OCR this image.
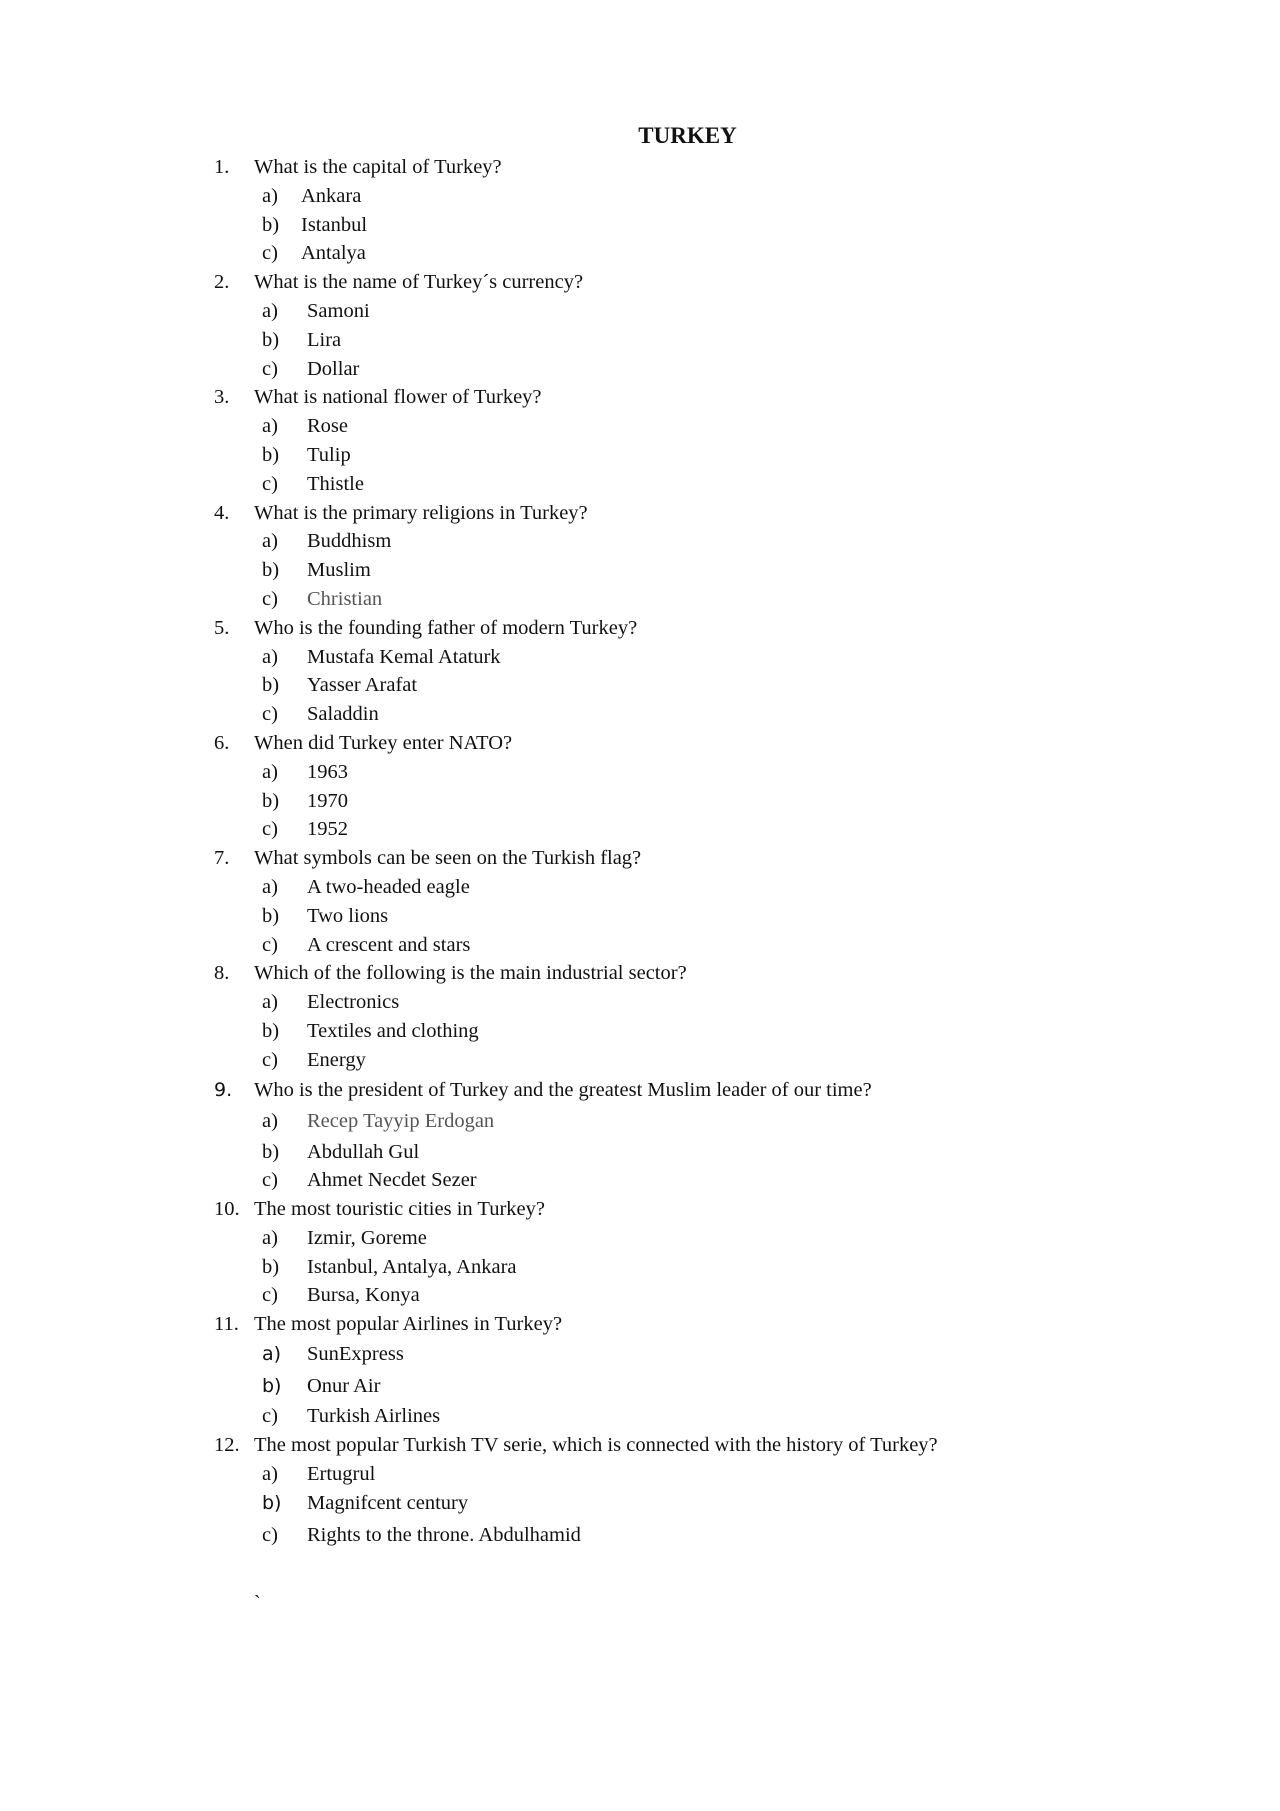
TURKEY
1. What is the capital of Turkey?
a) Ankara
b) Istanbul
c) Antalya
2. What is the name of Turkey´s currency?
a) Samoni
b) Lira
c) Dollar
3. What is national flower of Turkey?
a) Rose
b) Tulip
c) Thistle
4. What is the primary religions in Turkey?
a) Buddhism
b) Muslim
c) Christian
5. Who is the founding father of modern Turkey?
a) Mustafa Kemal Ataturk
b) Yasser Arafat
c) Saladdin
6. When did Turkey enter NATO?
a) 1963
b) 1970
c) 1952
7. What symbols can be seen on the Turkish flag?
a) A two-headed eagle
b) Two lions
c) A crescent and stars
8. Which of the following is the main industrial sector?
a) Electronics
b) Textiles and clothing
c) Energy
9. Who is the president of Turkey and the greatest Muslim leader of our time?
a) Recep Tayyip Erdogan
b) Abdullah Gul
c) Ahmet Necdet Sezer
10. The most touristic cities in Turkey?
a) Izmir, Goreme
b) Istanbul, Antalya, Ankara
c) Bursa, Konya
11. The most popular Airlines in Turkey?
a) SunExpress
b) Onur Air
c) Turkish Airlines
12. The most popular Turkish TV serie, which is connected with the history of Turkey?
a) Ertugrul
b) Magnifcent century
c) Rights to the throne. Abdulhamid
`
